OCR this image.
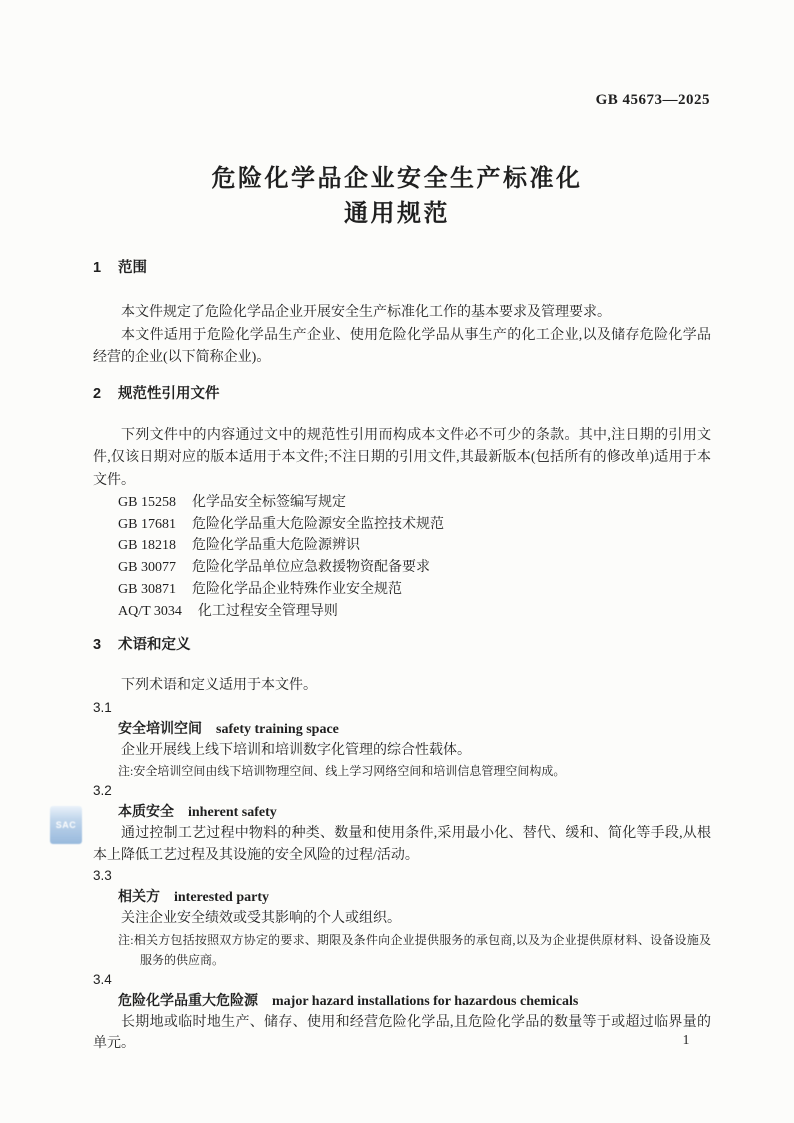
SAC
GB 45673—2025
危险化学品企业安全生产标准化
通用规范
1 范围

本文件规定了危险化学品企业开展安全生产标准化工作的基本要求及管理要求。

本文件适用于危险化学品生产企业、使用危险化学品从事生产的化工企业,以及储存危险化学品经营的企业(以下简称企业)。

2 规范性引用文件

下列文件中的内容通过文中的规范性引用而构成本文件必不可少的条款。其中,注日期的引用文件,仅该日期对应的版本适用于本文件;不注日期的引用文件,其最新版本(包括所有的修改单)适用于本文件。

GB 15258 化学品安全标签编写规定
GB 17681 危险化学品重大危险源安全监控技术规范
GB 18218 危险化学品重大危险源辨识
GB 30077 危险化学品单位应急救援物资配备要求
GB 30871 危险化学品企业特殊作业安全规范
AQ/T 3034 化工过程安全管理导则
3 术语和定义

下列术语和定义适用于本文件。

3.1
安全培训空间 safety training space

企业开展线上线下培训和培训数字化管理的综合性载体。

注:安全培训空间由线下培训物理空间、线上学习网络空间和培训信息管理空间构成。

3.2
本质安全 inherent safety

通过控制工艺过程中物料的种类、数量和使用条件,采用最小化、替代、缓和、简化等手段,从根本上降低工艺过程及其设施的安全风险的过程/活动。

3.3
相关方 interested party

关注企业安全绩效或受其影响的个人或组织。

注:相关方包括按照双方协定的要求、期限及条件向企业提供服务的承包商,以及为企业提供原材料、设备设施及服务的供应商。

3.4
危险化学品重大危险源 major hazard installations for hazardous chemicals

长期地或临时地生产、储存、使用和经营危险化学品,且危险化学品的数量等于或超过临界量的单元。	1
